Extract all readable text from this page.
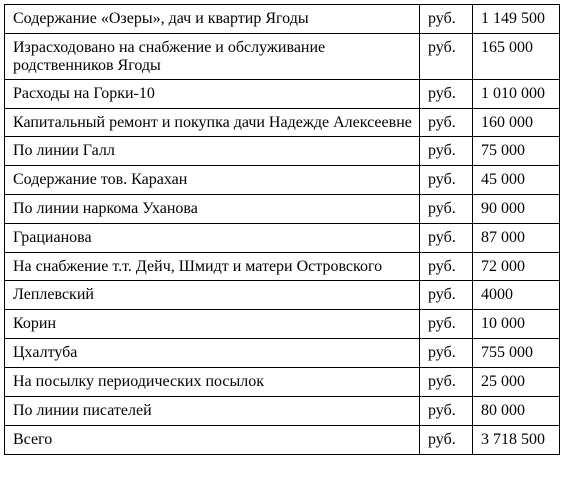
Содержание «Озеры», дач и квартир Ягоды	руб.	1 149 500
Израсходовано на снабжение и обслуживание родственников Ягоды	руб.	165 000
Расходы на Горки-10	руб.	1 010 000
Капитальный ремонт и покупка дачи Надежде Алексеевне	руб.	160 000
По линии Галл	руб.	75 000
Содержание тов. Карахан	руб.	45 000
По линии наркома Уханова	руб.	90 000
Грацианова	руб.	87 000
На снабжение т.т. Дейч, Шмидт и матери Островского	руб.	72 000
Леплевский	руб.	4000
Корин	руб.	10 000
Цхалтуба	руб.	755 000
На посылку периодических посылок	руб.	25 000
По линии писателей	руб.	80 000
Всего	руб.	3 718 500
